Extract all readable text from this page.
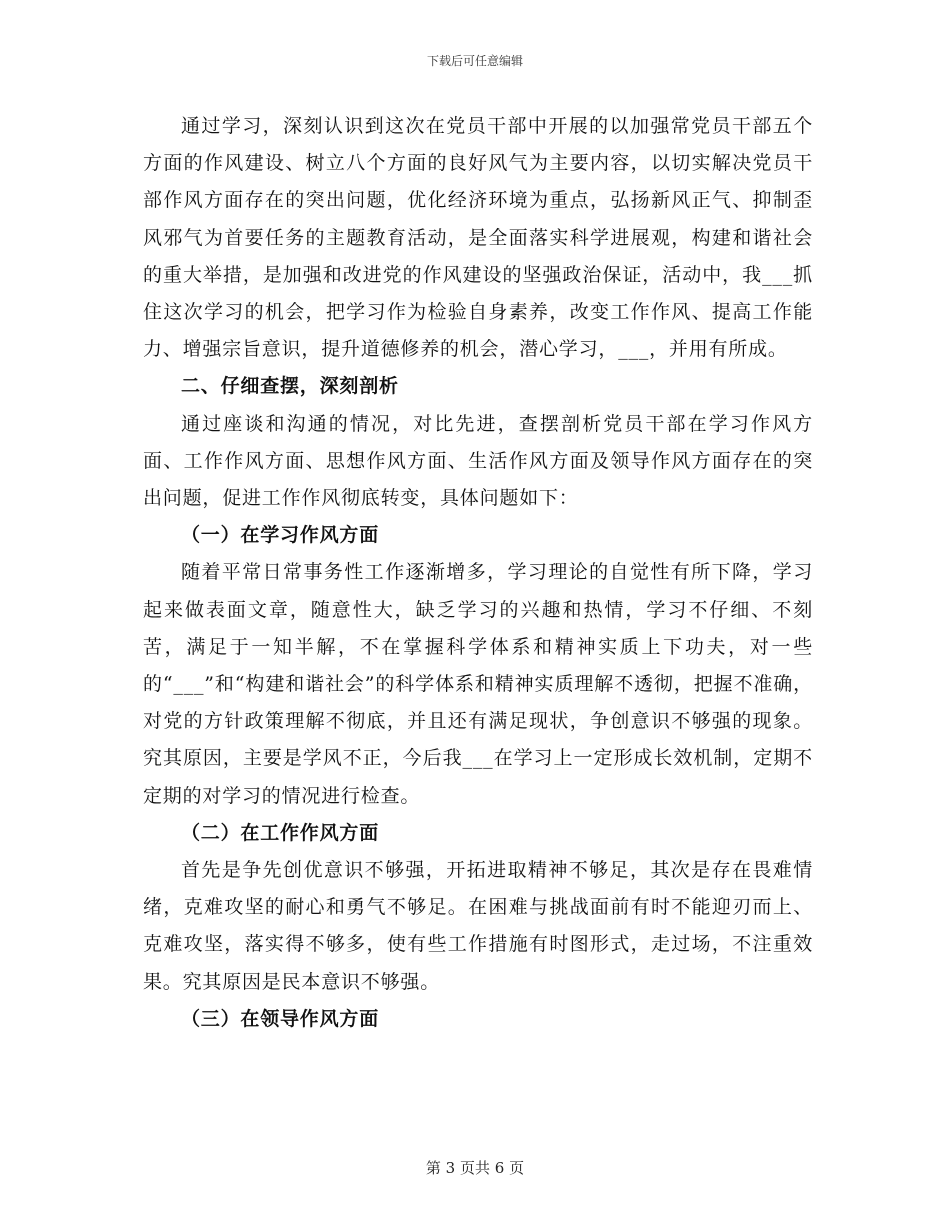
下载后可任意编辑

通过学习，深刻认识到这次在党员干部中开展的以加强常党员干部五个方面的作风建设、树立八个方面的良好风气为主要内容，以切实解决党员干部作风方面存在的突出问题，优化经济环境为重点，弘扬新风正气、抑制歪风邪气为首要任务的主题教育活动，是全面落实科学进展观，构建和谐社会的重大举措，是加强和改进党的作风建设的坚强政治保证，活动中，我___抓住这次学习的机会，把学习作为检验自身素养，改变工作作风、提高工作能力、增强宗旨意识，提升道德修养的机会，潜心学习，___，并用有所成。

二、仔细查摆，深刻剖析

通过座谈和沟通的情况，对比先进，查摆剖析党员干部在学习作风方面、工作作风方面、思想作风方面、生活作风方面及领导作风方面存在的突出问题，促进工作作风彻底转变，具体问题如下：

（一）在学习作风方面

随着平常日常事务性工作逐渐增多，学习理论的自觉性有所下降，学习起来做表面文章，随意性大，缺乏学习的兴趣和热情，学习不仔细、不刻苦，满足于一知半解，不在掌握科学体系和精神实质上下功夫，对一些的“___”和“构建和谐社会”的科学体系和精神实质理解不透彻，把握不准确，对党的方针政策理解不彻底，并且还有满足现状，争创意识不够强的现象。究其原因，主要是学风不正，今后我___在学习上一定形成长效机制，定期不定期的对学习的情况进行检查。

（二）在工作作风方面

首先是争先创优意识不够强，开拓进取精神不够足，其次是存在畏难情绪，克难攻坚的耐心和勇气不够足。在困难与挑战面前有时不能迎刃而上、克难攻坚，落实得不够多，使有些工作措施有时图形式，走过场，不注重效果。究其原因是民本意识不够强。

（三）在领导作风方面

第 3 页共 6 页
